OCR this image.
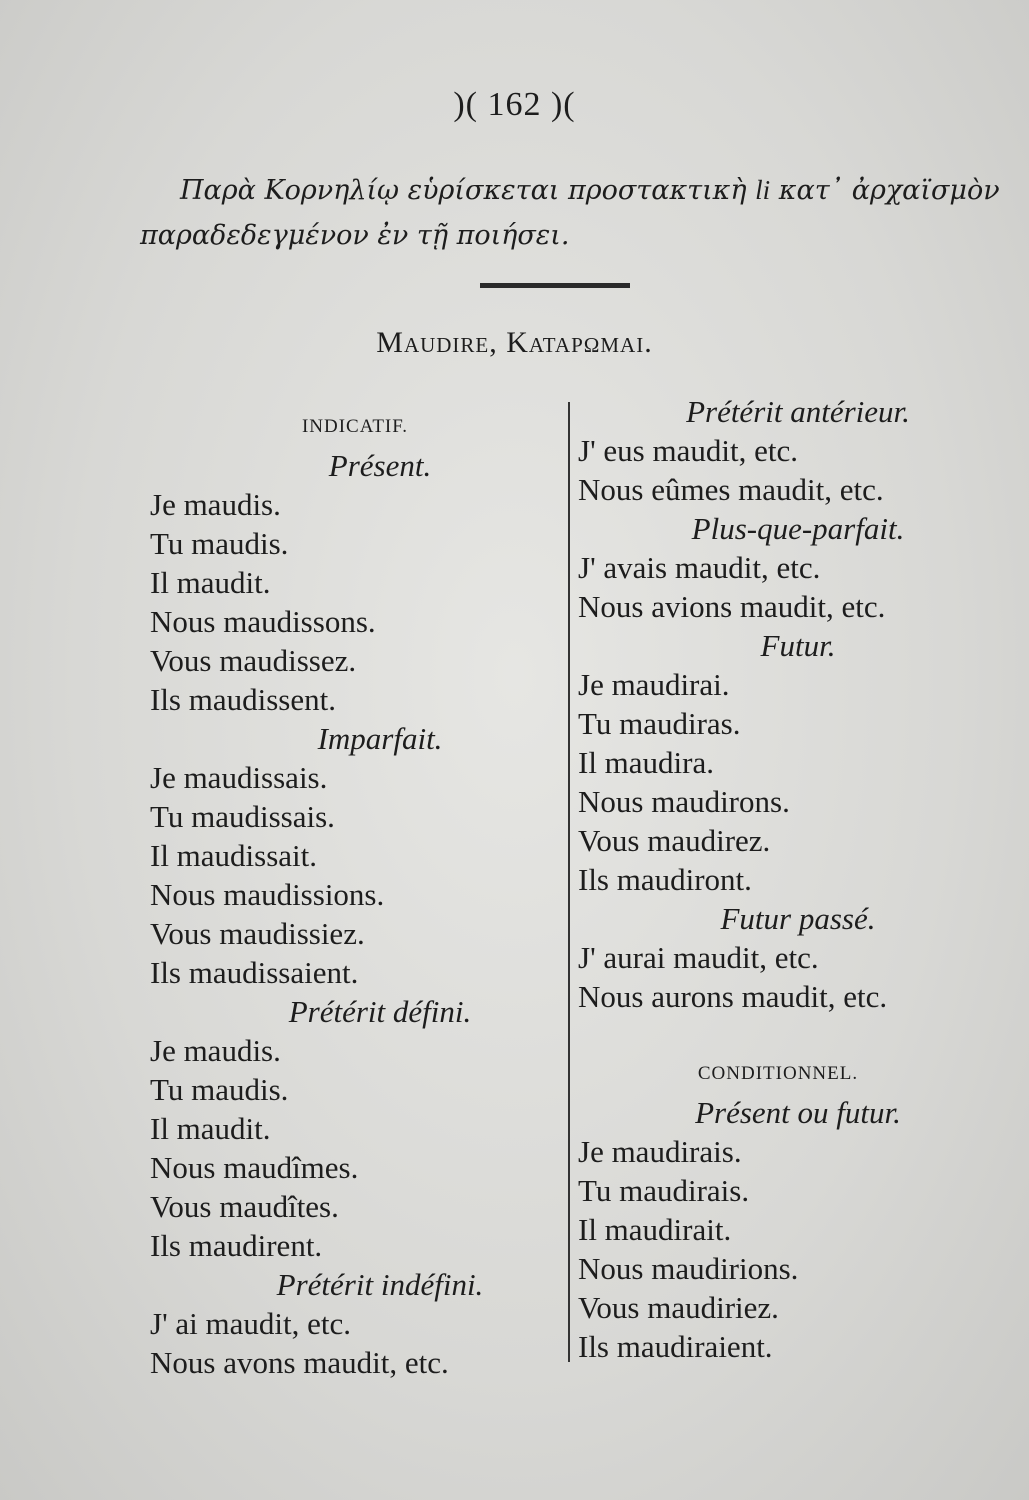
)( 162 )(
Παρὰ Κορνηλίῳ εὑρίσκεται προστακτικὴ li κατ᾽ ἀρχαϊσμὸν
παραδεδεγμένον ἐν τῇ ποιήσει.
Maudire, Καταρωμαι.
INDICATIF.
Présent.
Je maudis.
Tu maudis.
Il maudit.
Nous maudissons.
Vous maudissez.
Ils maudissent.
Imparfait.
Je maudissais.
Tu maudissais.
Il maudissait.
Nous maudissions.
Vous maudissiez.
Ils maudissaient.
Prétérit défini.
Je maudis.
Tu maudis.
Il maudit.
Nous maudîmes.
Vous maudîtes.
Ils maudirent.
Prétérit indéfini.
J' ai maudit, etc.
Nous avons maudit, etc.
Prétérit antérieur.
J' eus maudit, etc.
Nous eûmes maudit, etc.
Plus-que-parfait.
J' avais maudit, etc.
Nous avions maudit, etc.
Futur.
Je maudirai.
Tu maudiras.
Il maudira.
Nous maudirons.
Vous maudirez.
Ils maudiront.
Futur passé.
J' aurai maudit, etc.
Nous aurons maudit, etc.
CONDITIONNEL.
Présent ou futur.
Je maudirais.
Tu maudirais.
Il maudirait.
Nous maudirions.
Vous maudiriez.
Ils maudiraient.
